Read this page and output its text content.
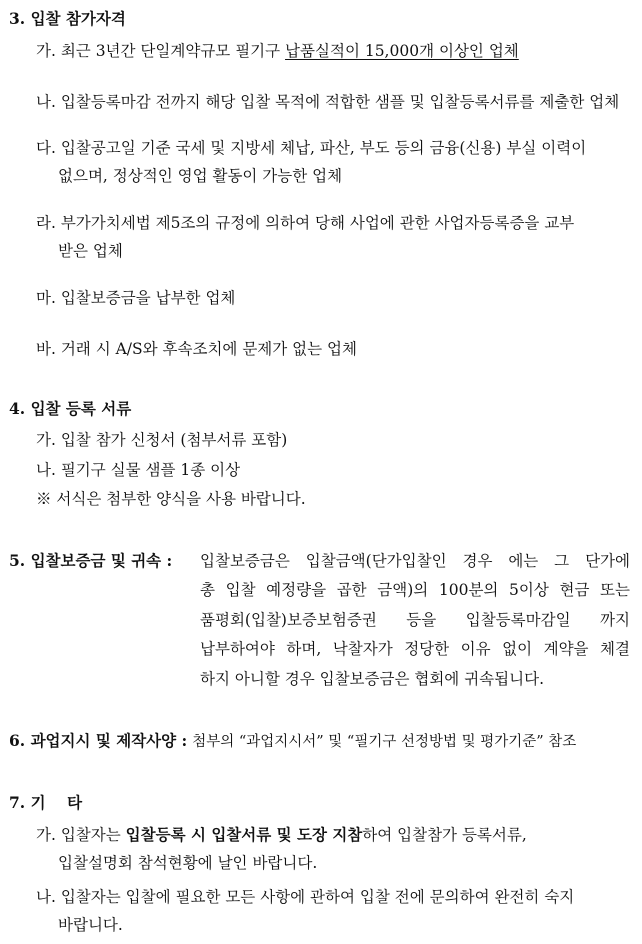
3. 입찰 참가자격
가. 최근 3년간 단일계약규모 필기구 납품실적이 15,000개 이상인 업체
나. 입찰등록마감 전까지 해당 입찰 목적에 적합한 샘플 및 입찰등록서류를 제출한 업체
다. 입찰공고일 기준 국세 및 지방세 체납, 파산, 부도 등의 금융(신용) 부실 이력이
없으며, 정상적인 영업 활동이 가능한 업체
라. 부가가치세법 제5조의 규정에 의하여 당해 사업에 관한 사업자등록증을 교부
받은 업체
마. 입찰보증금을 납부한 업체
바. 거래 시 A/S와 후속조치에 문제가 없는 업체
4. 입찰 등록 서류
가. 입찰 참가 신청서 (첨부서류 포함)
나. 필기구 실물 샘플 1종 이상
※ 서식은 첨부한 양식을 사용 바랍니다.
5. 입찰보증금 및 귀속 : 입찰보증금은 입찰금액(단가입찰인 경우 에는 그 단가에
총 입찰 예정량을 곱한 금액)의 100분의 5이상 현금 또는
품평회(입찰)보증보험증권 등을 입찰등록마감일 까지
납부하여야 하며, 낙찰자가 정당한 이유 없이 계약을 체결
하지 아니할 경우 입찰보증금은 협회에 귀속됩니다.
6. 과업지시 및 제작사양 : 첨부의 “과업지시서” 및 “필기구 선정방법 및 평가기준” 참조
7. 기    타
가. 입찰자는 입찰등록 시 입찰서류 및 도장 지참하여 입찰참가 등록서류,
입찰설명회 참석현황에 날인 바랍니다.
나. 입찰자는 입찰에 필요한 모든 사항에 관하여 입찰 전에 문의하여 완전히 숙지
바랍니다.
